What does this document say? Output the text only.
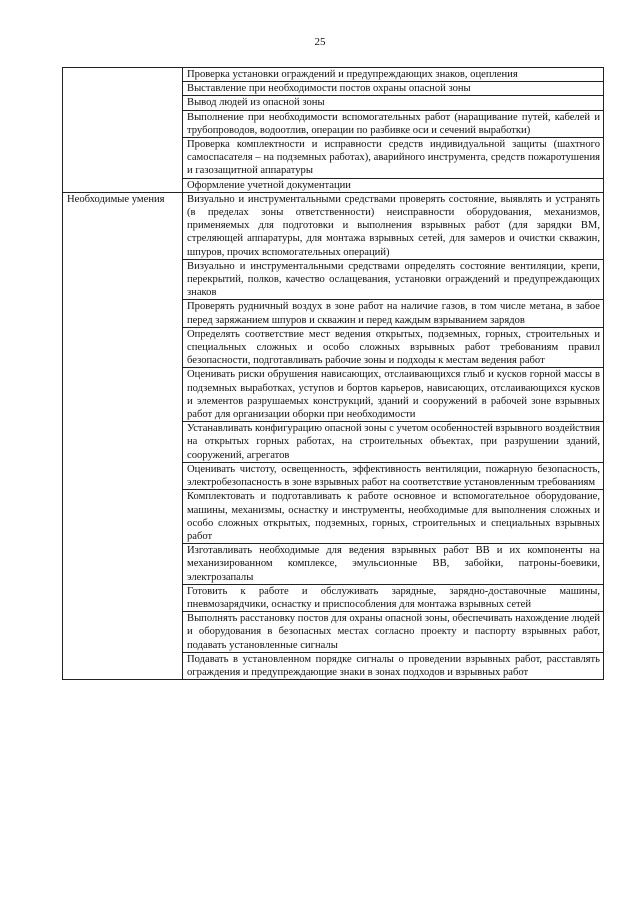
25
	Проверка установки ограждений и предупреждающих знаков, оцепления
	Выставление при необходимости постов охраны опасной зоны
	Вывод людей из опасной зоны
	Выполнение при необходимости вспомогательных работ (наращивание путей, кабелей и трубопроводов, водоотлив, операции по разбивке оси и сечений выработки)
	Проверка комплектности и исправности средств индивидуальной защиты (шахтного самоспасателя – на подземных работах), аварийного инструмента, средств пожаротушения и газозащитной аппаратуры
	Оформление учетной документации
Необходимые умения	Визуально и инструментальными средствами проверять состояние, выявлять и устранять (в пределах зоны ответственности) неисправности оборудования, механизмов, применяемых для подготовки и выполнения взрывных работ (для зарядки ВМ, стреляющей аппаратуры, для монтажа взрывных сетей, для замеров и очистки скважин, шпуров, прочих вспомогательных операций)
	Визуально и инструментальными средствами определять состояние вентиляции, крепи, перекрытий, полков, качество ослащевания, установки ограждений и предупреждающих знаков
	Проверять рудничный воздух в зоне работ на наличие газов, в том числе метана, в забое перед заряжанием шпуров и скважин и перед каждым взрыванием зарядов
	Определять соответствие мест ведения открытых, подземных, горных, строительных и специальных сложных и особо сложных взрывных работ требованиям правил безопасности, подготавливать рабочие зоны и подходы к местам ведения работ
	Оценивать риски обрушения нависающих, отслаивающихся глыб и кусков горной массы в подземных выработках, уступов и бортов карьеров, нависающих, отслаивающихся кусков и элементов разрушаемых конструкций, зданий и сооружений в рабочей зоне взрывных работ для организации оборки при необходимости
	Устанавливать конфигурацию опасной зоны с учетом особенностей взрывного воздействия на открытых горных работах, на строительных объектах, при разрушении зданий, сооружений, агрегатов
	Оценивать чистоту, освещенность, эффективность вентиляции, пожарную безопасность, электробезопасность в зоне взрывных работ на соответствие установленным требованиям
	Комплектовать и подготавливать к работе основное и вспомогательное оборудование, машины, механизмы, оснастку и инструменты, необходимые для выполнения сложных и особо сложных открытых, подземных, горных, строительных и специальных взрывных работ
	Изготавливать необходимые для ведения взрывных работ ВВ и их компоненты на механизированном комплексе, эмульсионные ВВ, забойки, патроны-боевики, электрозапалы
	Готовить к работе и обслуживать зарядные, зарядно-доставочные машины, пневмозарядчики, оснастку и приспособления для монтажа взрывных сетей
	Выполнять расстановку постов для охраны опасной зоны, обеспечивать нахождение людей и оборудования в безопасных местах согласно проекту и паспорту взрывных работ, подавать установленные сигналы
	Подавать в установленном порядке сигналы о проведении взрывных работ, расставлять ограждения и предупреждающие знаки в зонах подходов и взрывных работ
